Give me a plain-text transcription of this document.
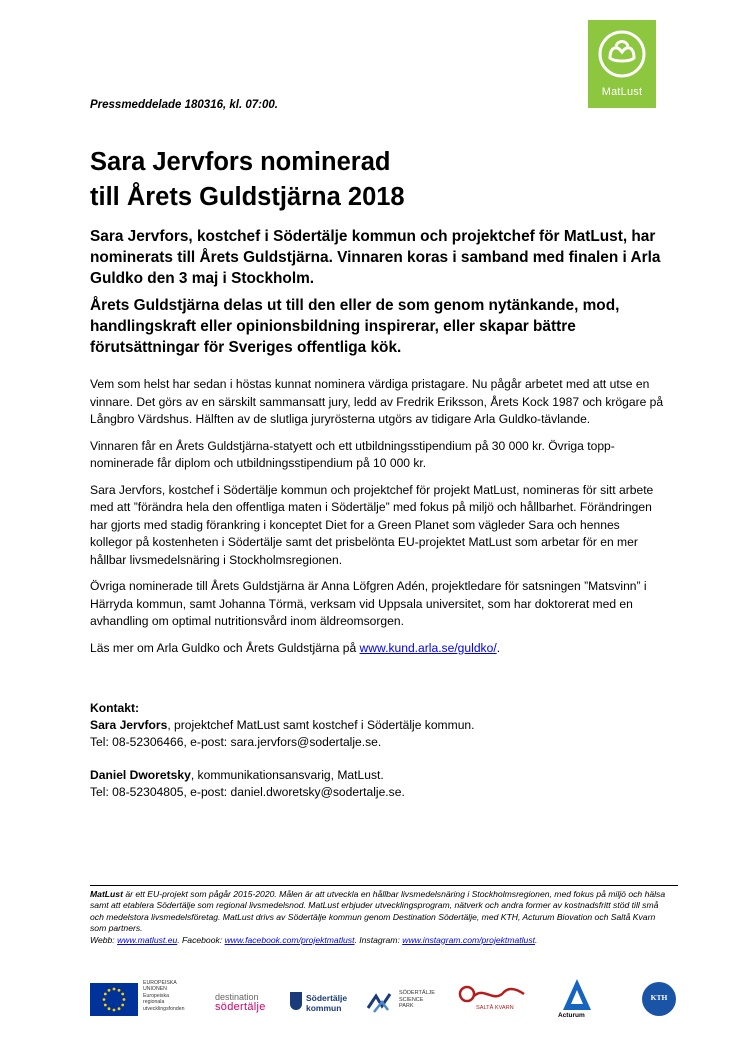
MatLust
Pressmeddelade 180316, kl. 07:00.
Sara Jervfors nominerad
till Årets Guldstjärna 2018
Sara Jervfors, kostchef i Södertälje kommun och projektchef för MatLust, har nominerats till Årets Guldstjärna. Vinnaren koras i samband med finalen i Arla Guldko den 3 maj i Stockholm.
Årets Guldstjärna delas ut till den eller de som genom nytänkande, mod, handlingskraft eller opinionsbildning inspirerar, eller skapar bättre förutsättningar för Sveriges offentliga kök.

Vem som helst har sedan i höstas kunnat nominera värdiga pristagare. Nu pågår arbetet med att utse en vinnare. Det görs av en särskilt sammansatt jury, ledd av Fredrik Eriksson, Årets Kock 1987 och krögare på Långbro Värdshus. Hälften av de slutliga juryrösterna utgörs av tidigare Arla Guldko-tävlande.

Vinnaren får en Årets Guldstjärna-statyett och ett utbildningsstipendium på 30 000 kr. Övriga topp-nominerade får diplom och utbildningsstipendium på 10 000 kr.

Sara Jervfors, kostchef i Södertälje kommun och projektchef för projekt MatLust, nomineras för sitt arbete med att ”förändra hela den offentliga maten i Södertälje” med fokus på miljö och hållbarhet. Förändringen har gjorts med stadig förankring i konceptet Diet for a Green Planet som vägleder Sara och hennes kollegor på kostenheten i Södertälje samt det prisbelönta EU-projektet MatLust som arbetar för en mer hållbar livsmedelsnäring i Stockholmsregionen.

Övriga nominerade till Årets Guldstjärna är Anna Löfgren Adén, projektledare för satsningen ”Matsvinn” i Härryda kommun, samt Johanna Törmä, verksam vid Uppsala universitet, som har doktorerat med en avhandling om optimal nutritionsvård inom äldreomsorgen.

Läs mer om Arla Guldko och Årets Guldstjärna på www.kund.arla.se/guldko/.

Kontakt:

Sara Jervfors, projektchef MatLust samt kostchef i Södertälje kommun.

Tel: 08-52306466, e-post: sara.jervfors@sodertalje.se.

Daniel Dworetsky, kommunikationsansvarig, MatLust.

Tel: 08-52304805, e-post: daniel.dworetsky@sodertalje.se.

MatLust är ett EU-projekt som pågår 2015-2020. Målen är att utveckla en hållbar livsmedelsnäring i Stockholmsregionen, med fokus på miljö och hälsa samt att etablera Södertälje som regional livsmedelsnod. MatLust erbjuder utvecklingsprogram, nätverk och andra former av kostnadsfritt stöd till små och medelstora livsmedelsföretag. MatLust drivs av Södertälje kommun genom Destination Södertälje, med KTH, Acturum Biovation och Saltå Kvarn som partners.
Webb: www.matlust.eu. Facebook: www.facebook.com/projektmatlust. Instagram: www.instagram.com/projektmatlust.
EUROPEISKA
UNIONEN
Europeiska
regionala
utvecklingsfonden
destination
södertälje
Södertälje
kommun
SÖDERTÄLJE
SCIENCE
PARK	SALTÅ KVARN
Acturum
KTH
